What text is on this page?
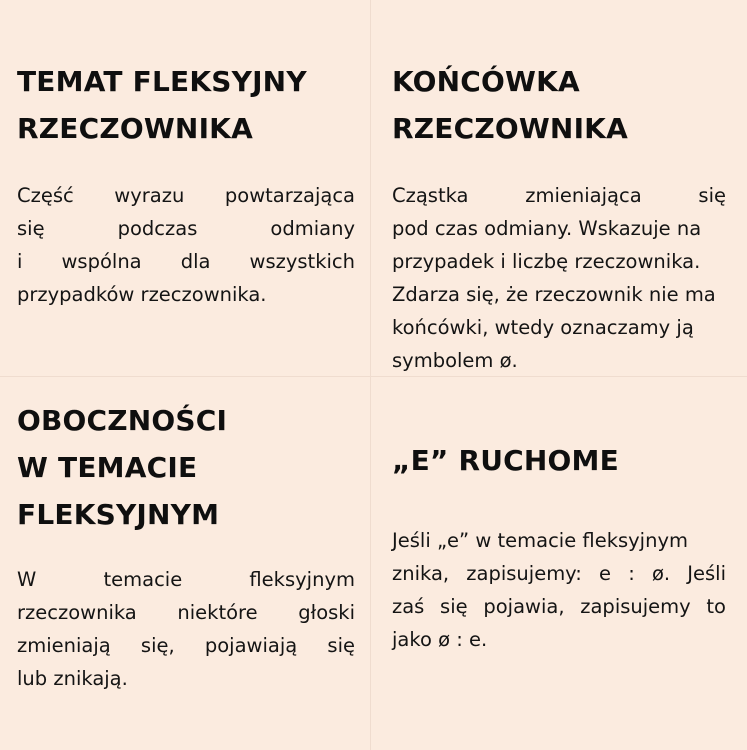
TEMAT FLEKSYJNY
RZECZOWNIKA

Część wyrazu powtarzająca
się podczas odmiany
i wspólna dla wszystkich
przypadków rzeczownika.

KOŃCÓWKA
RZECZOWNIKA

Cząstka zmieniająca się
pod czas odmiany. Wskazuje na
przypadek i liczbę rzeczownika.
Zdarza się, że rzeczownik nie ma
końcówki, wtedy oznaczamy ją
symbolem ø.

OBOCZNOŚCI
W TEMACIE
FLEKSYJNYM

W temacie fleksyjnym
rzeczownika niektóre głoski
zmieniają się, pojawiają się
lub znikają.

„E” RUCHOME

Jeśli „e” w temacie fleksyjnym
znika, zapisujemy: e : ø. Jeśli
zaś się pojawia, zapisujemy to
jako ø : e.
